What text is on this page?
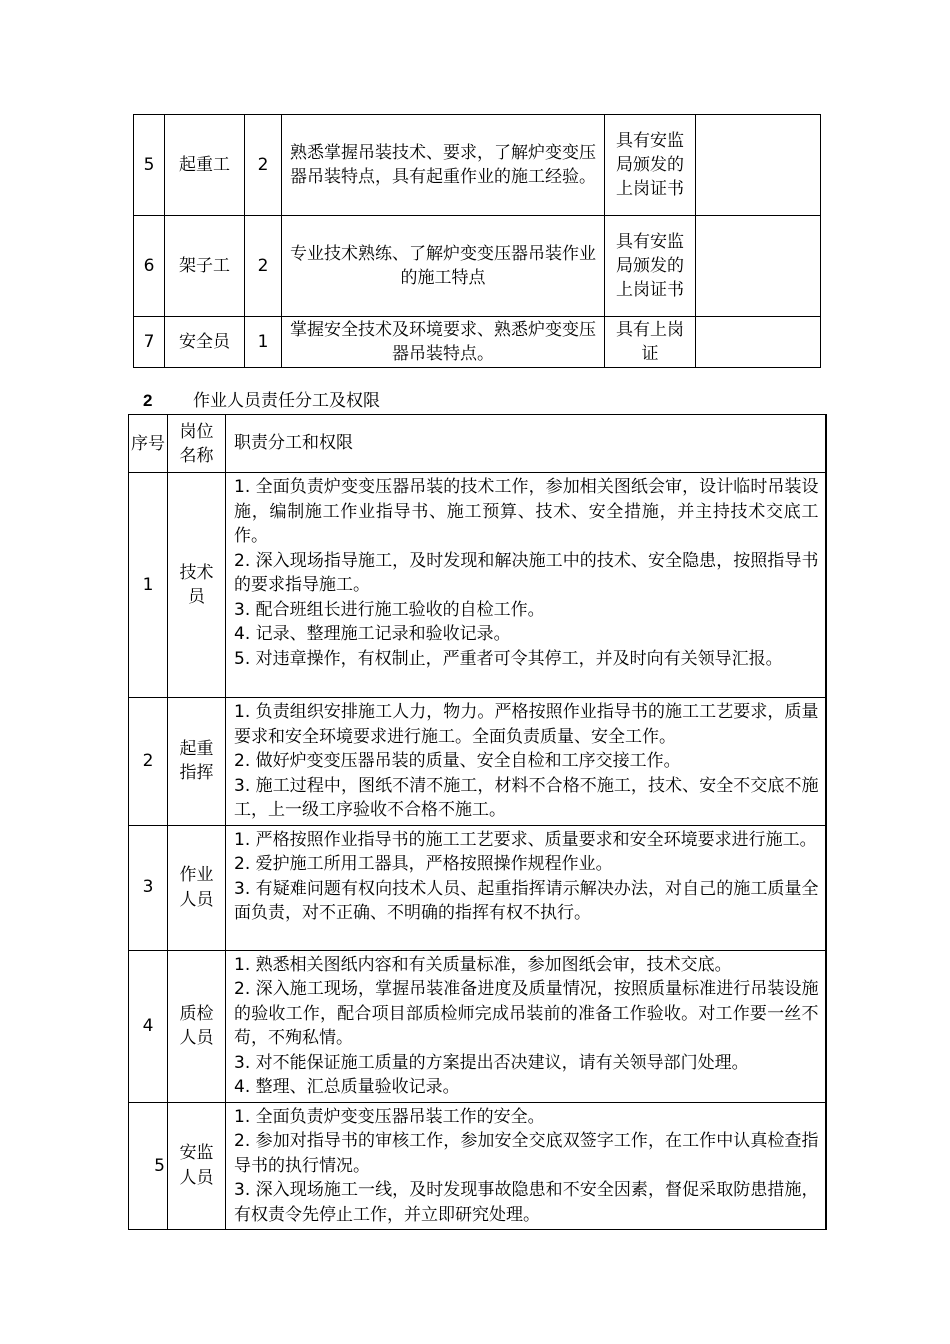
5	起重工	2	熟悉掌握吊装技术、要求，了解炉变变压器吊装特点，具有起重作业的施工经验。	具有安监局颁发的上岗证书	
6	架子工	2	专业技术熟练、了解炉变变压器吊装作业的施工特点	具有安监局颁发的上岗证书	
7	安全员	1	掌握安全技术及环境要求、熟悉炉变变压器吊装特点。	具有上岗证	
2 作业人员责任分工及权限
序号	岗位名称	职责分工和权限
1	技术员	1. 全面负责炉变变压器吊装的技术工作，参加相关图纸会审，设计临时吊装设施，编制施工作业指导书、施工预算、技术、安全措施，并主持技术交底工作。

2. 深入现场指导施工，及时发现和解决施工中的技术、安全隐患，按照指导书的要求指导施工。

3. 配合班组长进行施工验收的自检工作。

4. 记录、整理施工记录和验收记录。

5. 对违章操作，有权制止，严重者可令其停工，并及时向有关领导汇报。

2	起重指挥	1. 负责组织安排施工人力，物力。严格按照作业指导书的施工工艺要求，质量要求和安全环境要求进行施工。全面负责质量、安全工作。

2. 做好炉变变压器吊装的质量、安全自检和工序交接工作。

3. 施工过程中，图纸不清不施工，材料不合格不施工，技术、安全不交底不施工，上一级工序验收不合格不施工。

3	作业人员	1. 严格按照作业指导书的施工工艺要求、质量要求和安全环境要求进行施工。

2. 爱护施工所用工器具，严格按照操作规程作业。

3. 有疑难问题有权向技术人员、起重指挥请示解决办法，对自己的施工质量全面负责，对不正确、不明确的指挥有权不执行。

4	质检人员	1. 熟悉相关图纸内容和有关质量标准，参加图纸会审，技术交底。

2. 深入施工现场，掌握吊装准备进度及质量情况，按照质量标准进行吊装设施的验收工作，配合项目部质检师完成吊装前的准备工作验收。对工作要一丝不苟，不殉私情。

3. 对不能保证施工质量的方案提出否决建议，请有关领导部门处理。

4. 整理、汇总质量验收记录。

5	安监人员	1. 全面负责炉变变压器吊装工作的安全。

2. 参加对指导书的审核工作，参加安全交底双签字工作，在工作中认真检查指导书的执行情况。

3. 深入现场施工一线，及时发现事故隐患和不安全因素，督促采取防患措施，有权责令先停止工作，并立即研究处理。
